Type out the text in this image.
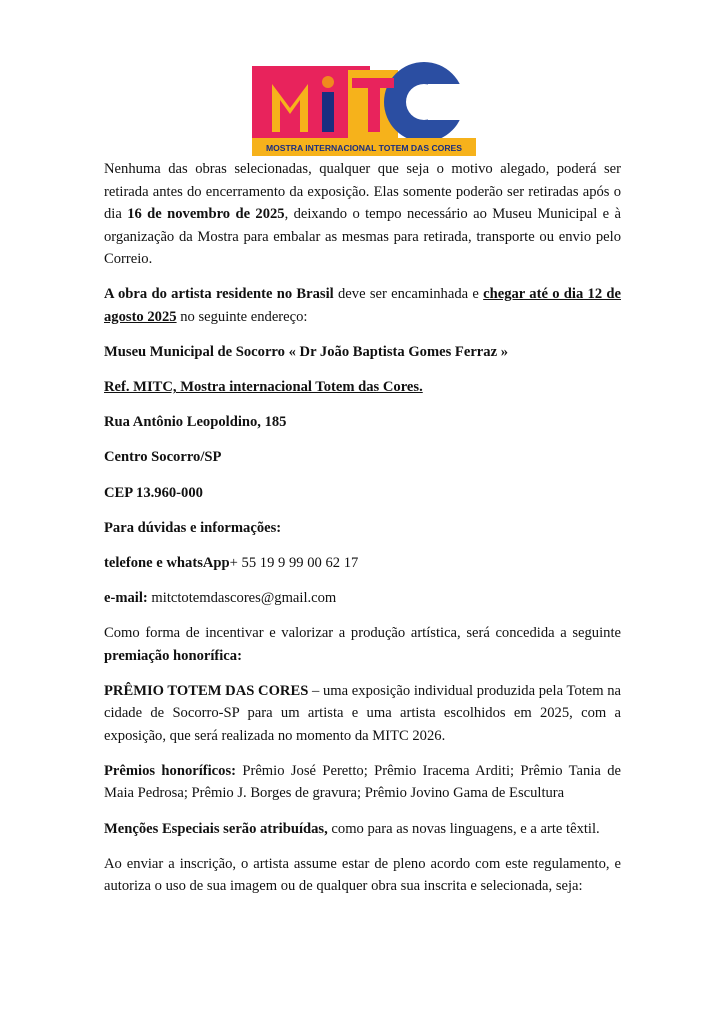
MOSTRA INTERNACIONAL TOTEM DAS CORES
MITC

Nenhuma das obras selecionadas, qualquer que seja o motivo alegado, poderá ser retirada antes do encerramento da exposição. Elas somente poderão ser retiradas após o dia 16 de novembro de 2025, deixando o tempo necessário ao Museu Municipal e à organização da Mostra para embalar as mesmas para retirada, transporte ou envio pelo Correio.

A obra do artista residente no Brasil deve ser encaminhada e chegar até o dia 12 de agosto 2025 no seguinte endereço:

Museu Municipal de Socorro « Dr João Baptista Gomes Ferraz »

Ref. MITC, Mostra internacional Totem das Cores.

Rua Antônio Leopoldino, 185

Centro Socorro/SP

CEP 13.960-000

Para dúvidas e informações:

telefone e whatsApp+ 55 19 9 99 00 62 17

e-mail: mitctotemdascores@gmail.com

Como forma de incentivar e valorizar a produção artística, será concedida a seguinte premiação honorífica:

PRÊMIO TOTEM DAS CORES – uma exposição individual produzida pela Totem na cidade de Socorro-SP para um artista e uma artista escolhidos em 2025, com a exposição, que será realizada no momento da MITC 2026.

Prêmios honoríficos: Prêmio José Peretto; Prêmio Iracema Arditi; Prêmio Tania de Maia Pedrosa; Prêmio J. Borges de gravura; Prêmio Jovino Gama de Escultura

Menções Especiais serão atribuídas, como para as novas linguagens, e a arte têxtil.

Ao enviar a inscrição, o artista assume estar de pleno acordo com este regulamento, e autoriza o uso de sua imagem ou de qualquer obra sua inscrita e selecionada, seja:
